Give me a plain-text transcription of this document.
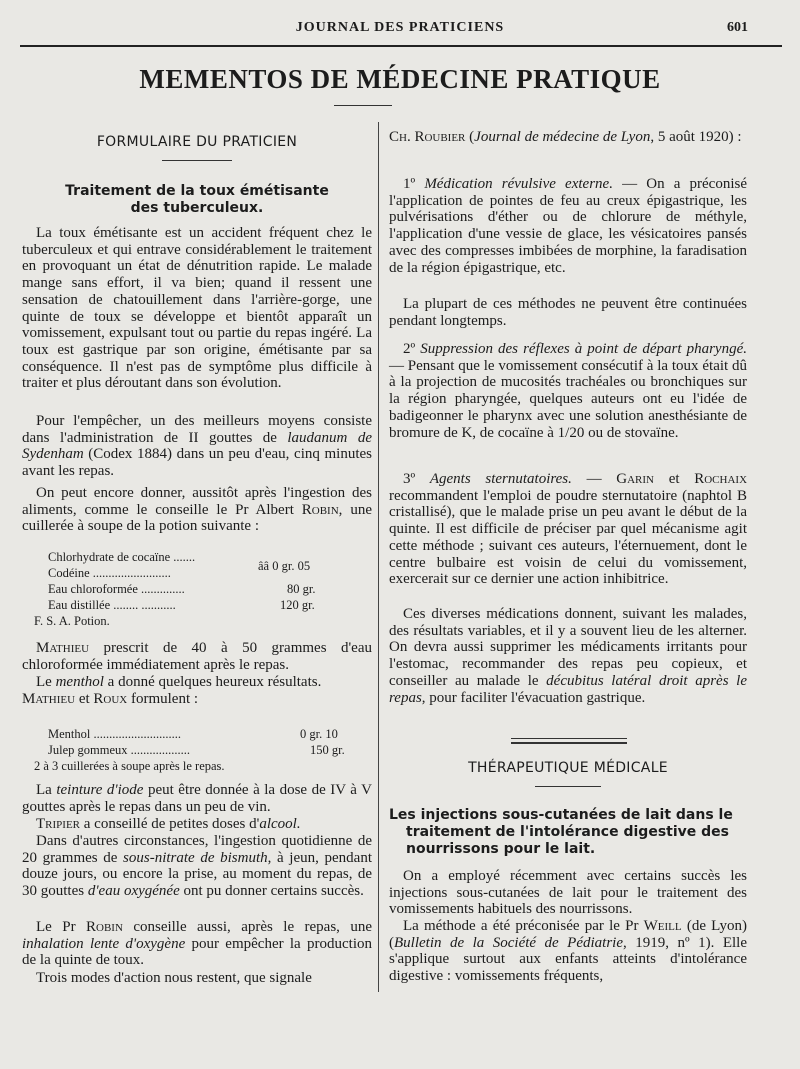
JOURNAL DES PRATICIENS	601
MEMENTOS DE MÉDECINE PRATIQUE
FORMULAIRE DU PRATICIEN
Traitement de la toux émétisante
des tuberculeux.

La toux émétisante est un accident fréquent chez le tuberculeux et qui entrave considérablement le traitement en provoquant un état de dénutrition rapide. Le malade mange sans effort, il va bien; quand il ressent une sensation de chatouillement dans l'arrière-gorge, une quinte de toux se développe et bientôt apparaît un vomissement, expulsant tout ou partie du repas ingéré. La toux est gastrique par son origine, émétisante par sa conséquence. Il n'est pas de symptôme plus difficile à traiter et plus déroutant dans son évolution.

Pour l'empêcher, un des meilleurs moyens consiste dans l'administration de II gouttes de laudanum de Sydenham (Codex 1884) dans un peu d'eau, cinq minutes avant les repas.

On peut encore donner, aussitôt après l'ingestion des aliments, comme le conseille le Pr Albert Robin, une cuillerée à soupe de la potion suivante :

Chlorhydrate de cocaïne .......
Codéine .........................	ââ 0 gr. 05
Eau chloroformée ..............	80 gr.
Eau distillée ........ ...........	120 gr.
F. S. A. Potion.

Mathieu prescrit de 40 à 50 grammes d'eau chloroformée immédiatement après le repas.

Le menthol a donné quelques heureux résultats.
Mathieu et Roux formulent :

Menthol ............................	0 gr. 10
Julep gommeux ...................	150 gr.
2 à 3 cuillerées à soupe après le repas.

La teinture d'iode peut être donnée à la dose de IV à V gouttes après le repas dans un peu de vin.

Tripier a conseillé de petites doses d'alcool.

Dans d'autres circonstances, l'ingestion quotidienne de 20 grammes de sous-nitrate de bismuth, à jeun, pendant douze jours, ou encore la prise, au moment du repas, de 30 gouttes d'eau oxygénée ont pu donner certains succès.

Le Pr Robin conseille aussi, après le repas, une inhalation lente d'oxygène pour empêcher la production de la quinte de toux.

Trois modes d'action nous restent, que signale

Ch. Roubier (Journal de médecine de Lyon, 5 août 1920) :

1º Médication révulsive externe. — On a préconisé l'application de pointes de feu au creux épigastrique, les pulvérisations d'éther ou de chlorure de méthyle, l'application d'une vessie de glace, les vésicatoires pansés avec des compresses imbibées de morphine, la faradisation de la région épigastrique, etc.

La plupart de ces méthodes ne peuvent être continuées pendant longtemps.

2º Suppression des réflexes à point de départ pharyngé. — Pensant que le vomissement consécutif à la toux était dû à la projection de mucosités trachéales ou bronchiques sur la région pharyngée, quelques auteurs ont eu l'idée de badigeonner le pharynx avec une solution anesthésiante de bromure de K, de cocaïne à 1/20 ou de stovaïne.

3º Agents sternutatoires. — Garin et Rochaix recommandent l'emploi de poudre sternutatoire (naphtol B cristallisé), que le malade prise un peu avant le début de la quinte. Il est difficile de préciser par quel mécanisme agit cette méthode ; suivant ces auteurs, l'éternuement, dont le centre bulbaire est voisin de celui du vomissement, exercerait sur ce dernier une action inhibitrice.

Ces diverses médications donnent, suivant les malades, des résultats variables, et il y a souvent lieu de les alterner. On devra aussi supprimer les médicaments irritants pour l'estomac, recommander des repas peu copieux, et conseiller au malade le décubitus latéral droit après le repas, pour faciliter l'évacuation gastrique.

THÉRAPEUTIQUE MÉDICALE
Les injections sous-cutanées de lait dans le traitement de l'intolérance digestive des nourrissons pour le lait.

On a employé récemment avec certains succès les injections sous-cutanées de lait pour le traitement des vomissements habituels des nourrissons.

La méthode a été préconisée par le Pr Weill (de Lyon) (Bulletin de la Société de Pédiatrie, 1919, nº 1). Elle s'applique surtout aux enfants atteints d'intolérance digestive : vomissements fréquents,
